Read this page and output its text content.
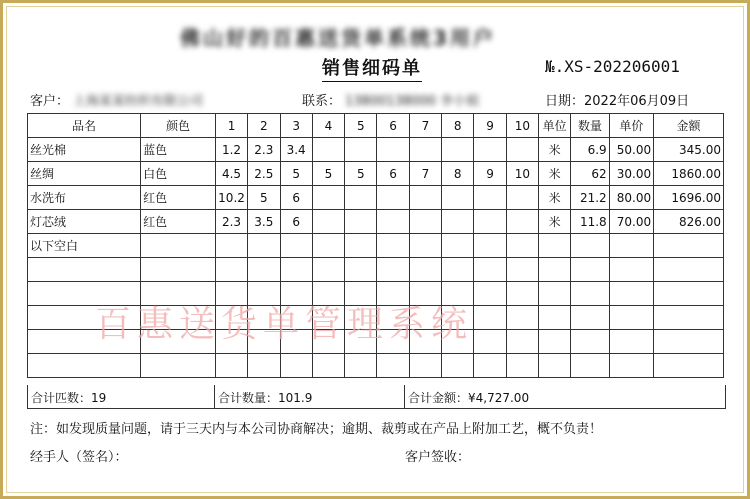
佛山好的百惠送货单系统3用户
销售细码单	№.XS-202206001
客户： 上海某某纺织有限公司	联系： 13800138000 李小姐	日期：2022年06月09日
品名	颜色	1	2	3	4	5	6	7	8	9	10	单位	数量	单价	金额
丝光棉	蓝色	1.2	2.3	3.4								米	6.9	50.00	345.00
丝绸	白色	4.5	2.5	5	5	5	6	7	8	9	10	米	62	30.00	1860.00
水洗布	红色	10.2	5	6								米	21.2	80.00	1696.00
灯芯绒	红色	2.3	3.5	6								米	11.8	70.00	826.00
以下空白															

合计匹数：19	合计数量：101.9	合计金额：¥4,727.00
百惠送货单管理系统
注：如发现质量问题，请于三天内与本公司协商解决；逾期、裁剪或在产品上附加工艺，概不负责！
经手人（签名）：	客户签收：
